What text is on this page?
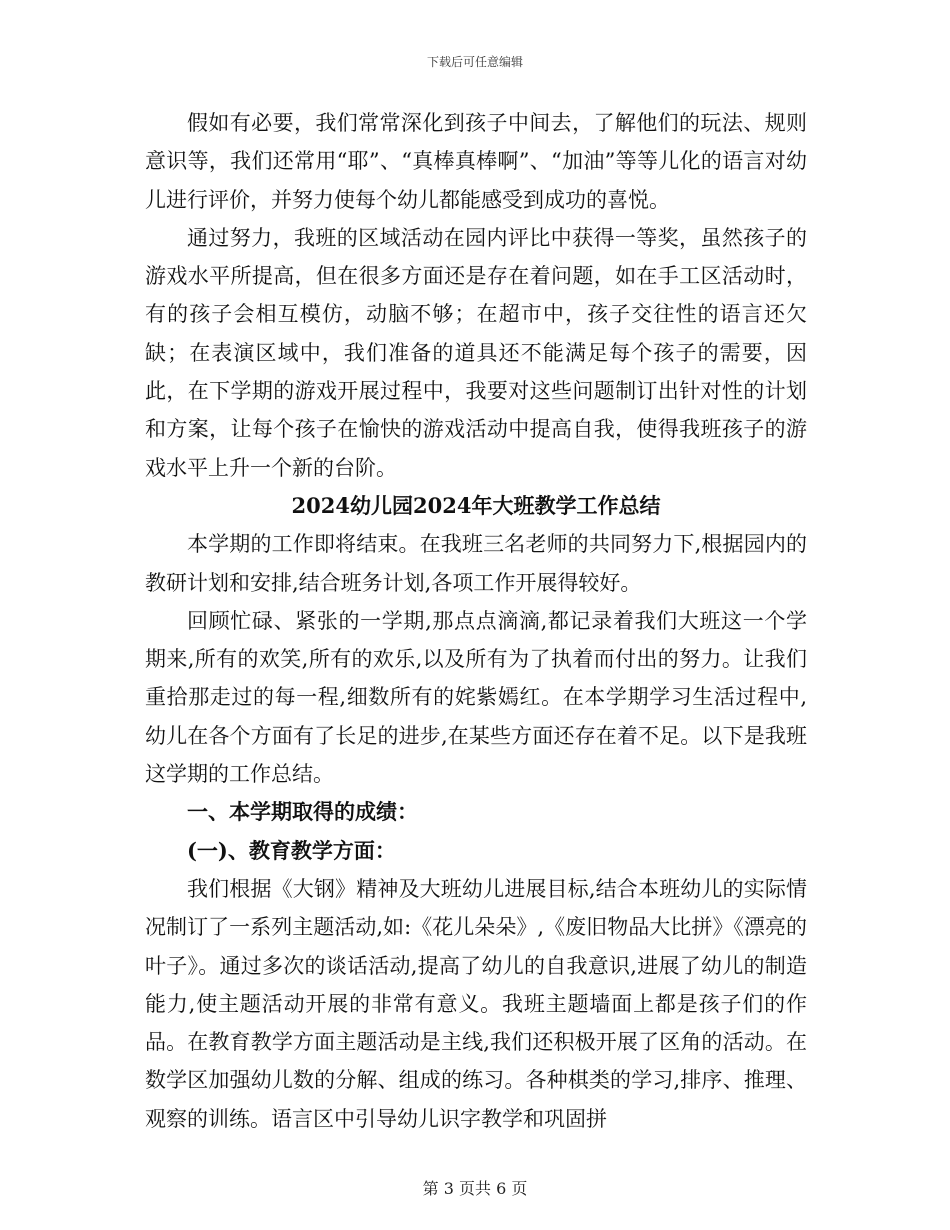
下载后可任意编辑

假如有必要，我们常常深化到孩子中间去，了解他们的玩法、规则意识等，我们还常用“耶”、“真棒真棒啊”、“加油”等等儿化的语言对幼儿进行评价，并努力使每个幼儿都能感受到成功的喜悦。

通过努力，我班的区域活动在园内评比中获得一等奖，虽然孩子的游戏水平所提高，但在很多方面还是存在着问题，如在手工区活动时，有的孩子会相互模仿，动脑不够；在超市中，孩子交往性的语言还欠缺；在表演区域中，我们准备的道具还不能满足每个孩子的需要，因此，在下学期的游戏开展过程中，我要对这些问题制订出针对性的计划和方案，让每个孩子在愉快的游戏活动中提高自我，使得我班孩子的游戏水平上升一个新的台阶。

2024幼儿园2024年大班教学工作总结

本学期的工作即将结束。在我班三名老师的共同努力下,根据园内的教研计划和安排,结合班务计划,各项工作开展得较好。

回顾忙碌、紧张的一学期,那点点滴滴,都记录着我们大班这一个学期来,所有的欢笑,所有的欢乐,以及所有为了执着而付出的努力。让我们重拾那走过的每一程,细数所有的姹紫嫣红。在本学期学习生活过程中,幼儿在各个方面有了长足的进步,在某些方面还存在着不足。以下是我班这学期的工作总结。

一、本学期取得的成绩：

(一)、教育教学方面：

我们根据《大钢》精神及大班幼儿进展目标,结合本班幼儿的实际情况制订了一系列主题活动,如:《花儿朵朵》,《废旧物品大比拼》《漂亮的叶子》。通过多次的谈话活动,提高了幼儿的自我意识,进展了幼儿的制造能力,使主题活动开展的非常有意义。我班主题墙面上都是孩子们的作品。在教育教学方面主题活动是主线,我们还积极开展了区角的活动。在数学区加强幼儿数的分解、组成的练习。各种棋类的学习,排序、推理、观察的训练。语言区中引导幼儿识字教学和巩固拼

第 3 页共 6 页
